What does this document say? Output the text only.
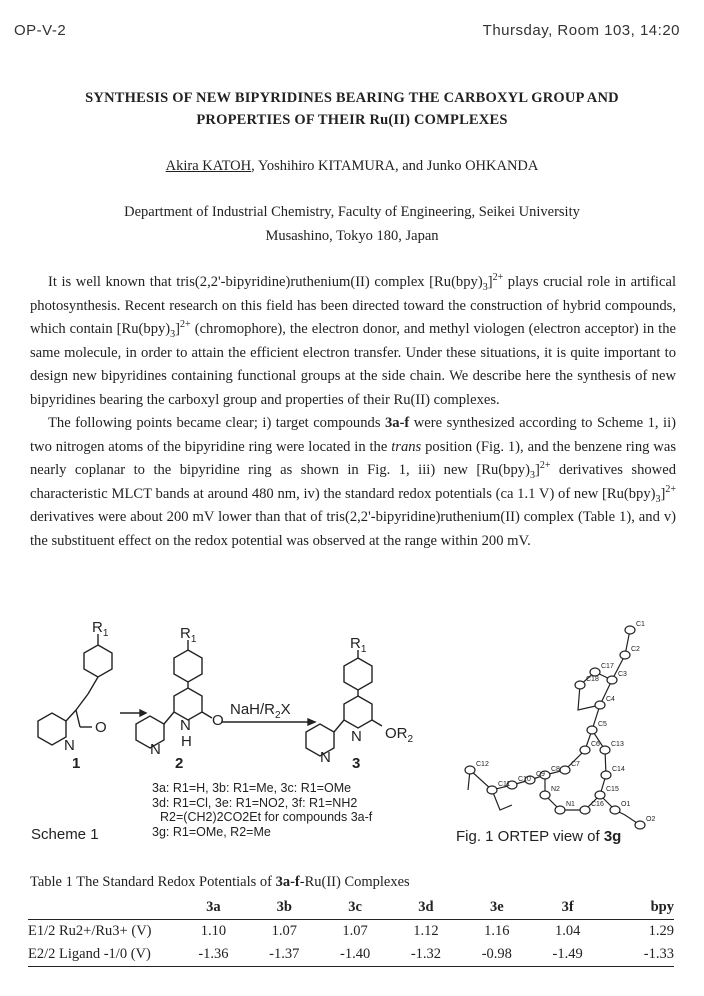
OP-V-2	Thursday, Room 103, 14:20
SYNTHESIS OF NEW BIPYRIDINES BEARING THE CARBOXYL GROUP AND
PROPERTIES OF THEIR Ru(II) COMPLEXES
Akira KATOH, Yoshihiro KITAMURA, and Junko OHKANDA
Department of Industrial Chemistry, Faculty of Engineering, Seikei University
Musashino, Tokyo 180, Japan

It is well known that tris(2,2'-bipyridine)ruthenium(II) complex $[Ru(bpy)_3]^{2+}$ plays crucial role in artifical photosynthesis. Recent research on this field has been directed toward the construction of hybrid compounds, which contain $[Ru(bpy)_3]^{2+}$ (chromophore), the electron donor, and methyl viologen (electron acceptor) in the same molecule, in order to attain the efficient electron transfer. Under these situations, it is quite important to design new bipyridines containing functional groups at the side chain. We describe here the synthesis of new bipyridines bearing the carboxyl group and properties of their Ru(II) complexes.

The following points became clear; i) target compounds 3a-f were synthesized according to Scheme 1, ii) two nitrogen atoms of the bipyridine ring were located in the trans position (Fig. 1), and the benzene ring was nearly coplanar to the bipyridine ring as shown in Fig. 1, iii) new $[Ru(bpy)_3]^{2+}$ derivatives showed characteristic MLCT bands at around 480 nm, iv) the standard redox potentials (ca 1.1 V) of new $[Ru(bpy)_3]^{2+}$ derivatives were about 200 mV lower than that of tris(2,2'-bipyridine)ruthenium(II) complex (Table 1), and v) the substituent effect on the redox potential was observed at the range within 200 mV.

$R_1$
O
N
1
$R_1$
O
N
H
N
2
NaH/$R_2X$
$R_1$
N $OR_2$
N 3
C1
C2
C3
C4
C5
C6
C7
C8
C9
C10
C11
C12
C13
C14
C15
C16
N1
N2
O1
O2
C17
C18
Scheme 1
3a: R1=H, 3b: R1=Me, 3c: R1=OMe
3d: R1=Cl, 3e: R1=NO2, 3f: R1=NH2
R2=(CH2)2CO2Et for compounds 3a-f
3g: R1=OMe, R2=Me	Fig. 1 ORTEP view of 3g
Table 1 The Standard Redox Potentials of 3a-f-Ru(II) Complexes
	3a	3b	3c	3d	3e	3f	bpy
E1/2 Ru2+/Ru3+ (V)	1.10	1.07	1.07	1.12	1.16	1.04	1.29
E2/2 Ligand -1/0 (V)	-1.36	-1.37	-1.40	-1.32	-0.98	-1.49	-1.33
